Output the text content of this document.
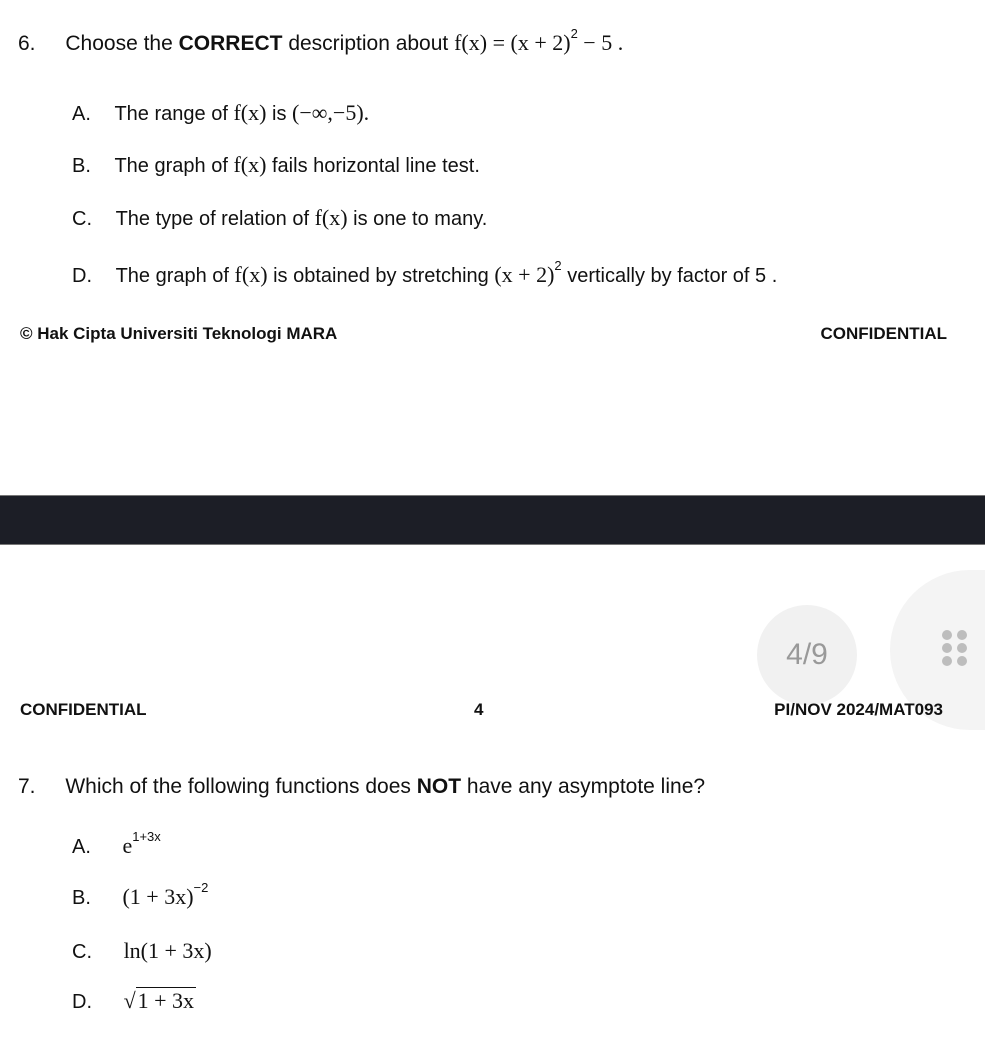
6. Choose the CORRECT description about $f(x) = (x + 2)^2 - 5$ .
A. The range of f(x) is (−∞,−5).
B. The graph of f(x) fails horizontal line test.
C. The type of relation of f(x) is one to many.
D. The graph of f(x) is obtained by stretching $(x + 2)^2$ vertically by factor of 5 .
© Hak Cipta Universiti Teknologi MARA	CONFIDENTIAL
4/9
CONFIDENTIAL	4	PI/NOV 2024/MAT093
7. Which of the following functions does NOT have any asymptote line?
A. $e^{1+3x}$
B. $(1 + 3x)^{-2}$
C. ln(1 + 3x)
D. √1 + 3x
